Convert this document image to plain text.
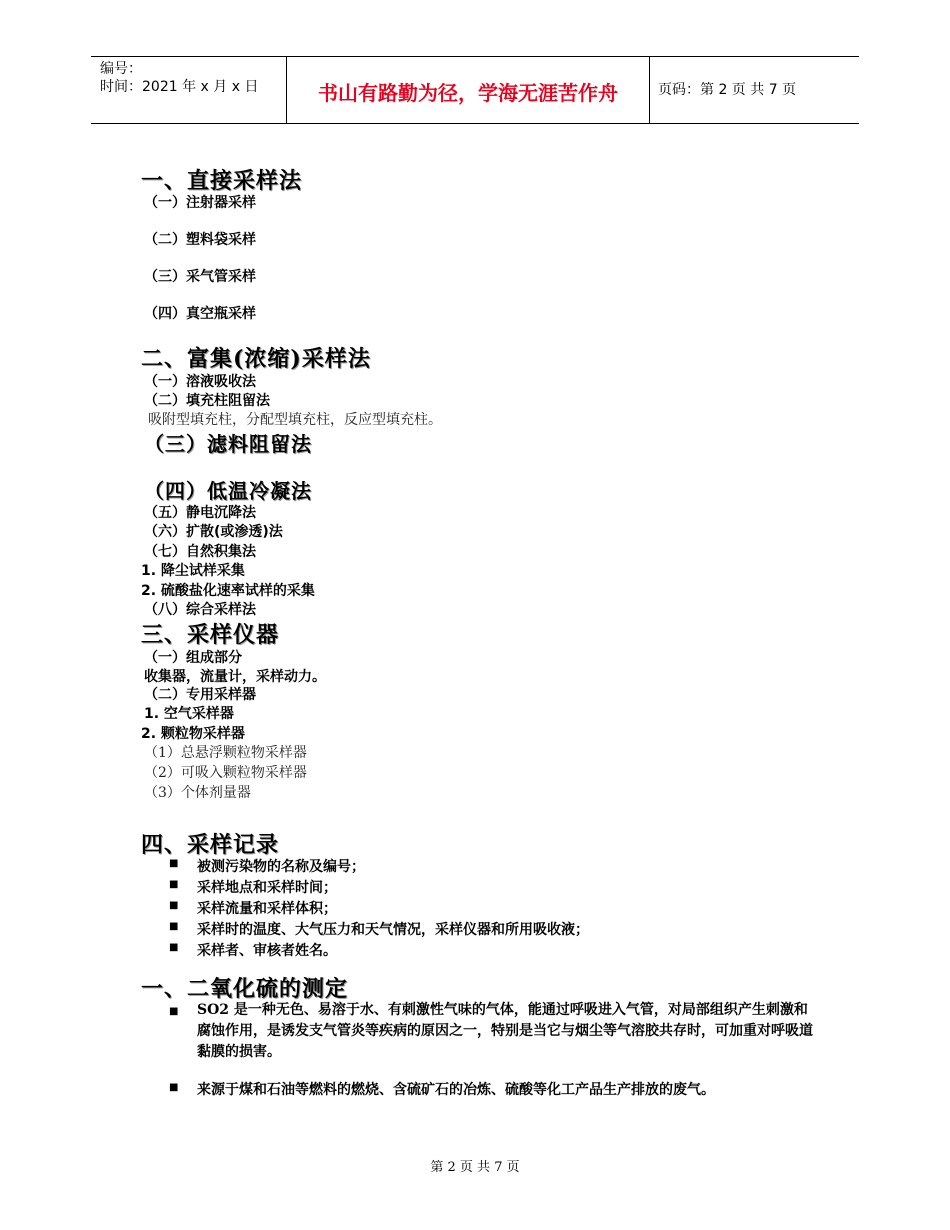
编号：
时间：2021 年 x 月 x 日	书山有路勤为径，学海无涯苦作舟	页码：第 2 页 共 7 页
一、直接采样法
（一）注射器采样
（二）塑料袋采样
（三）采气管采样
（四）真空瓶采样
二、富集(浓缩)采样法
（一）溶液吸收法
（二）填充柱阻留法
吸附型填充柱，分配型填充柱，反应型填充柱。
（三）滤料阻留法
（四）低温冷凝法
（五）静电沉降法
（六）扩散(或渗透)法
（七）自然积集法
1. 降尘试样采集
2. 硫酸盐化速率试样的采集
（八）综合采样法
三、采样仪器
（一）组成部分
收集器，流量计，采样动力。
（二）专用采样器
1. 空气采样器
2. 颗粒物采样器
（1）总悬浮颗粒物采样器
（2）可吸入颗粒物采样器
（3）个体剂量器
四、采样记录
■ 被测污染物的名称及编号；
■ 采样地点和采样时间；
■ 采样流量和采样体积；
■ 采样时的温度、大气压力和天气情况，采样仪器和所用吸收液；
■ 采样者、审核者姓名。
一、二氧化硫的测定
■ SO2 是一种无色、易溶于水、有刺激性气味的气体，能通过呼吸进入气管，对局部组织产生刺激和腐蚀作用，是诱发支气管炎等疾病的原因之一，特别是当它与烟尘等气溶胶共存时，可加重对呼吸道黏膜的损害。
■ 来源于煤和石油等燃料的燃烧、含硫矿石的冶炼、硫酸等化工产品生产排放的废气。
第 2 页 共 7 页
